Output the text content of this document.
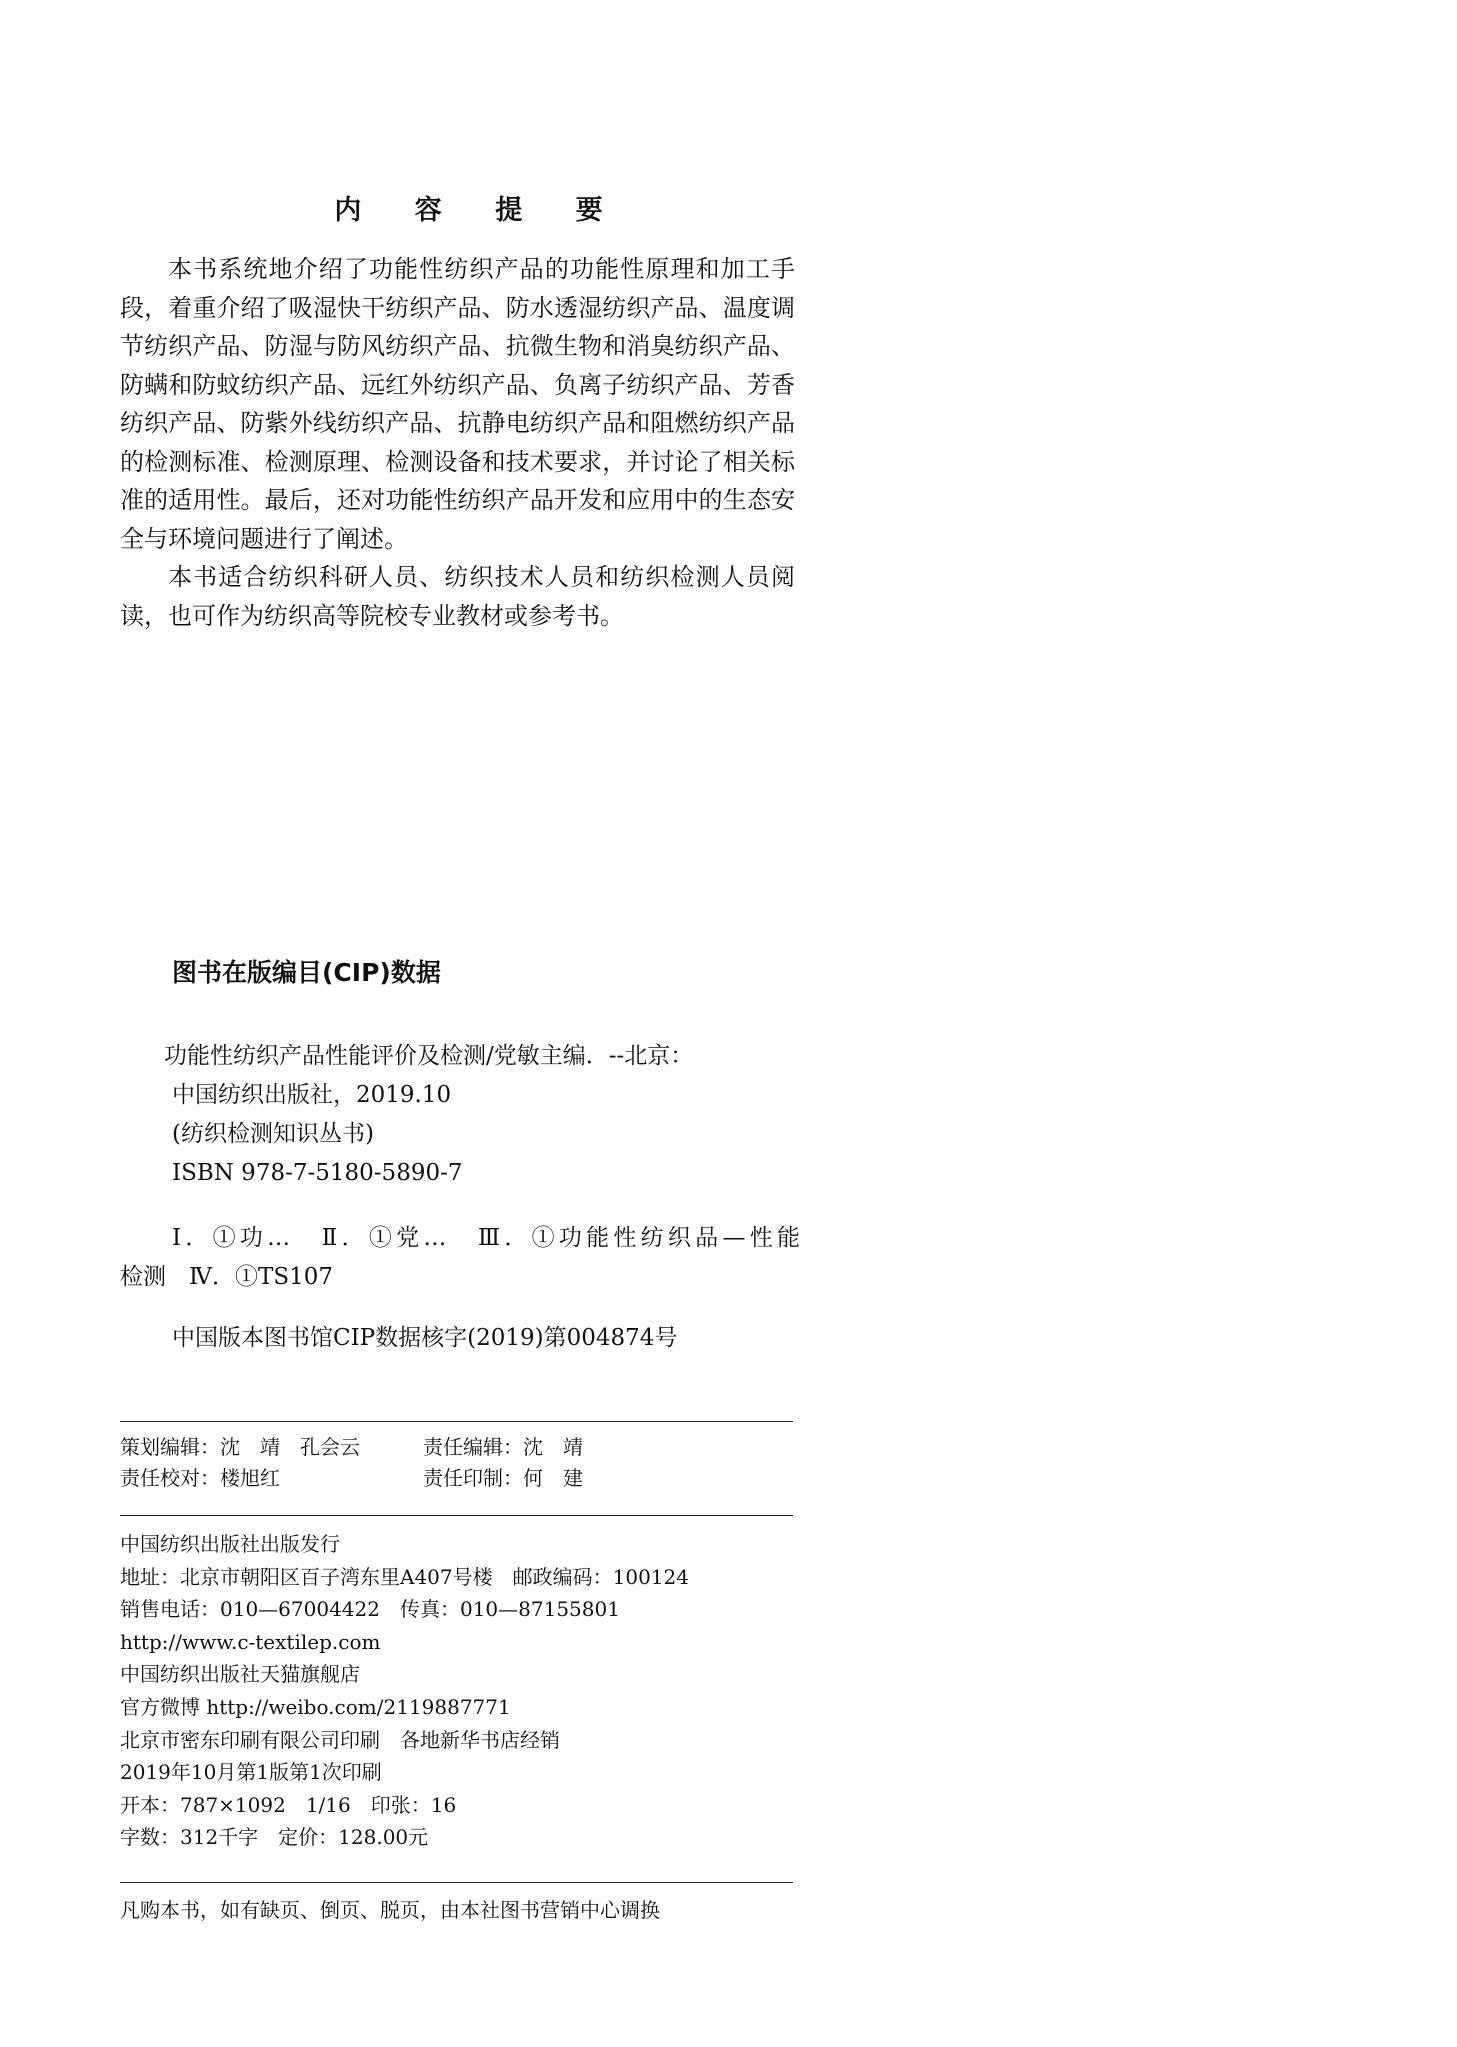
内 容 提 要

本书系统地介绍了功能性纺织产品的功能性原理和加工手段，着重介绍了吸湿快干纺织产品、防水透湿纺织产品、温度调节纺织产品、防湿与防风纺织产品、抗微生物和消臭纺织产品、防螨和防蚊纺织产品、远红外纺织产品、负离子纺织产品、芳香纺织产品、防紫外线纺织产品、抗静电纺织产品和阻燃纺织产品的检测标准、检测原理、检测设备和技术要求，并讨论了相关标准的适用性。最后，还对功能性纺织产品开发和应用中的生态安全与环境问题进行了阐述。

本书适合纺织科研人员、纺织技术人员和纺织检测人员阅读，也可作为纺织高等院校专业教材或参考书。

图书在版编目(CIP)数据
功能性纺织产品性能评价及检测/党敏主编．--北京：
中国纺织出版社，2019.10
(纺织检测知识丛书)
ISBN 978-7-5180-5890-7
Ⅰ．①功…　Ⅱ．①党…　Ⅲ．①功能性纺织品—性能
检测　Ⅳ．①TS107
中国版本图书馆CIP数据核字(2019)第004874号
策划编辑：沈　靖　孔会云	责任编辑：沈　靖
责任校对：楼旭红	责任印制：何　建
中国纺织出版社出版发行
地址：北京市朝阳区百子湾东里A407号楼　邮政编码：100124
销售电话：010—67004422　传真：010—87155801
http://www.c-textilep.com
中国纺织出版社天猫旗舰店
官方微博 http://weibo.com/2119887771
北京市密东印刷有限公司印刷　各地新华书店经销
2019年10月第1版第1次印刷
开本：787×1092　1/16　印张：16
字数：312千字　定价：128.00元
凡购本书，如有缺页、倒页、脱页，由本社图书营销中心调换
